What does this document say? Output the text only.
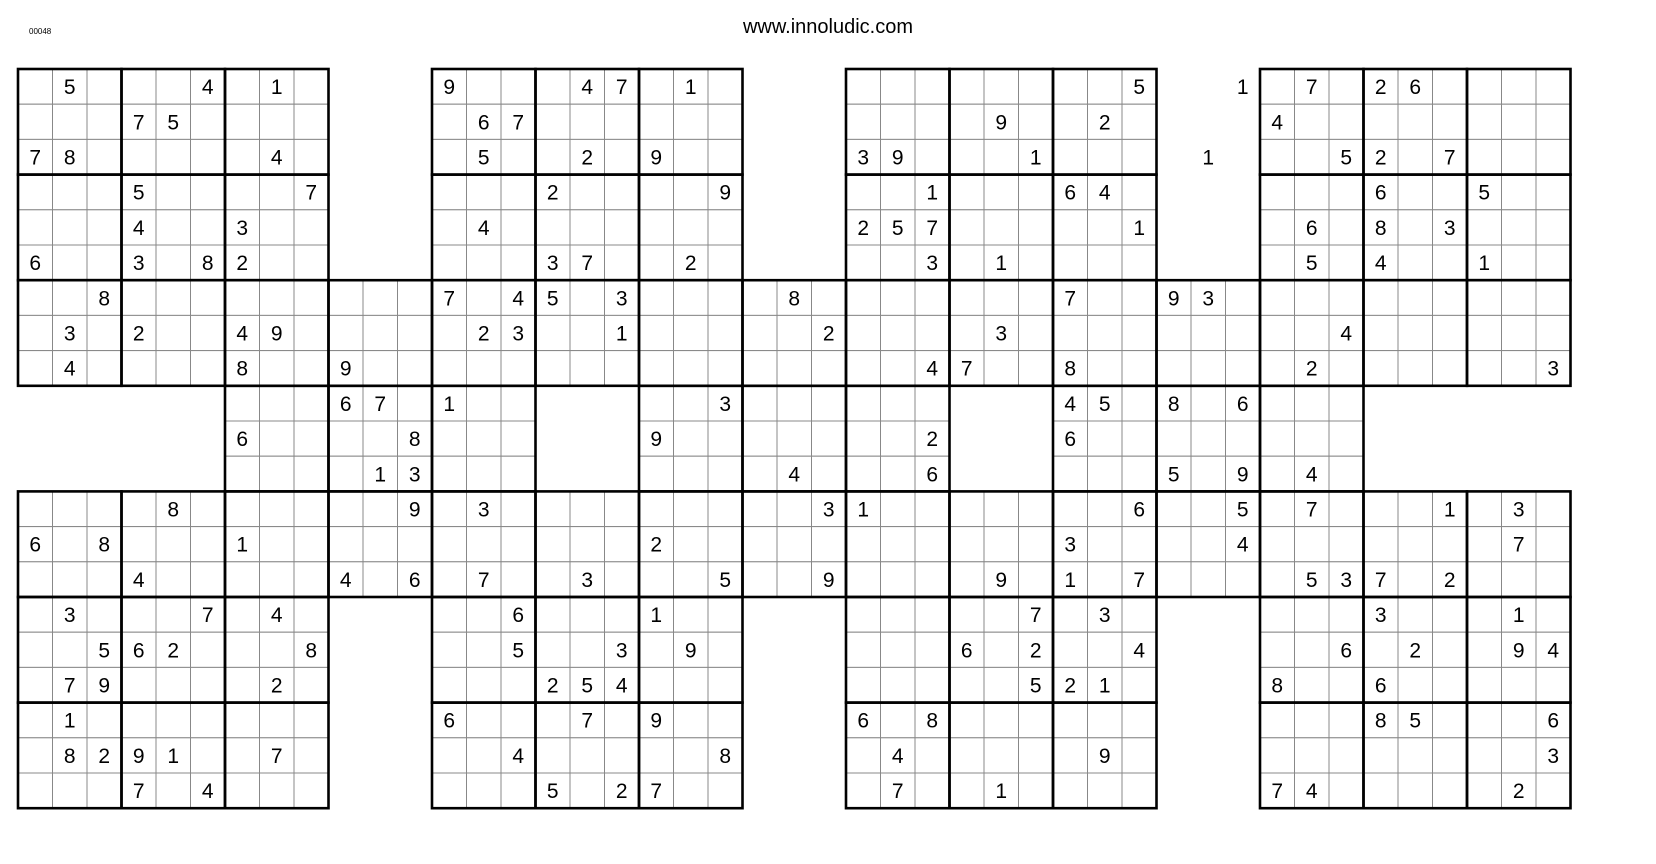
00048	www.innoludic.com
5	4	1	9	4 7	1	5	1	7	2 6
7 5	6 7	9	2	4
7 8	4	5	2	9	3 9	1	1	5 2	7
5	7	2	9	1	6 4	6	5
4	3	4	2 5 7	1	6	8	3
6	3	8 2	3 7	2	3	1	5	4	1
8	7	4 5	3	8	7	9 3
3	2	4 9	2 3	1	2	3	4
4	8	9	4 7	8	2	3
6 7	1	3	4 5	8	6
6	8	9	2	6
1 3	4	6	5	9	4
8	9	3	3 1	6	5	7	1	3
6	8	1	2	3	4	7
4	4	6	7	3	5	9	9	1	7	5 3 7	2
3	7	4	6	1	7	3	3	1
5 6 2	8	5	3	9	6	2	4	6	2	9 4
7 9	2	2 5 4	5 2 1	8	6
1	6	7	9	6	8	8 5	6
8 2 9 1	7	4	8	4	9	3
7	4	5	2 7	7	1	7 4	2
